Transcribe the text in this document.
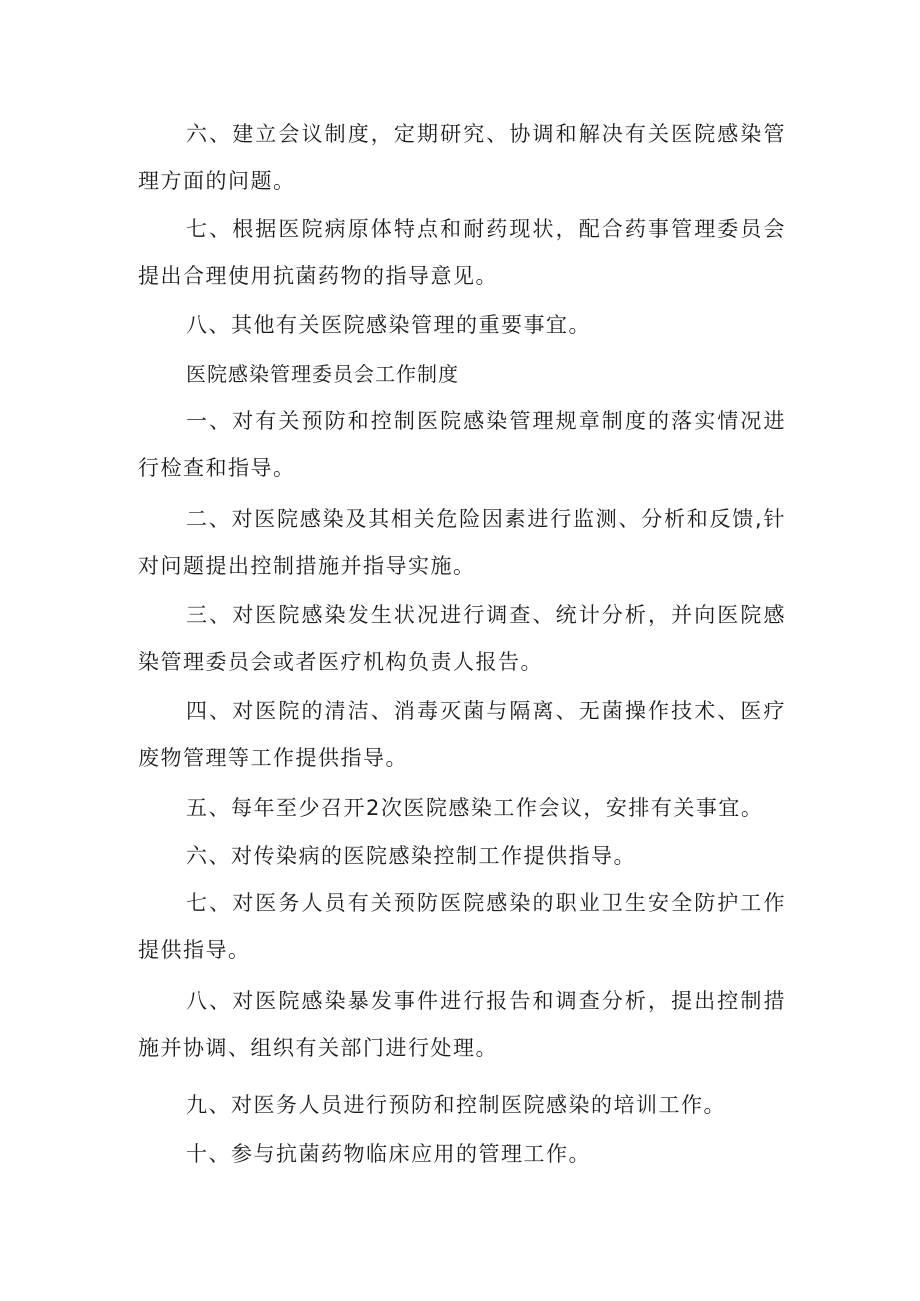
六、建立会议制度，定期研究、协调和解决有关医院感染管理方面的问题。

七、根据医院病原体特点和耐药现状，配合药事管理委员会提出合理使用抗菌药物的指导意见。

八、其他有关医院感染管理的重要事宜。

医院感染管理委员会工作制度

一、对有关预防和控制医院感染管理规章制度的落实情况进行检查和指导。

二、对医院感染及其相关危险因素进行监测、分析和反馈,针对问题提出控制措施并指导实施。

三、对医院感染发生状况进行调查、统计分析，并向医院感染管理委员会或者医疗机构负责人报告。

四、对医院的清洁、消毒灭菌与隔离、无菌操作技术、医疗废物管理等工作提供指导。

五、每年至少召开2次医院感染工作会议，安排有关事宜。

六、对传染病的医院感染控制工作提供指导。

七、对医务人员有关预防医院感染的职业卫生安全防护工作提供指导。

八、对医院感染暴发事件进行报告和调查分析，提出控制措施并协调、组织有关部门进行处理。

九、对医务人员进行预防和控制医院感染的培训工作。

十、参与抗菌药物临床应用的管理工作。
